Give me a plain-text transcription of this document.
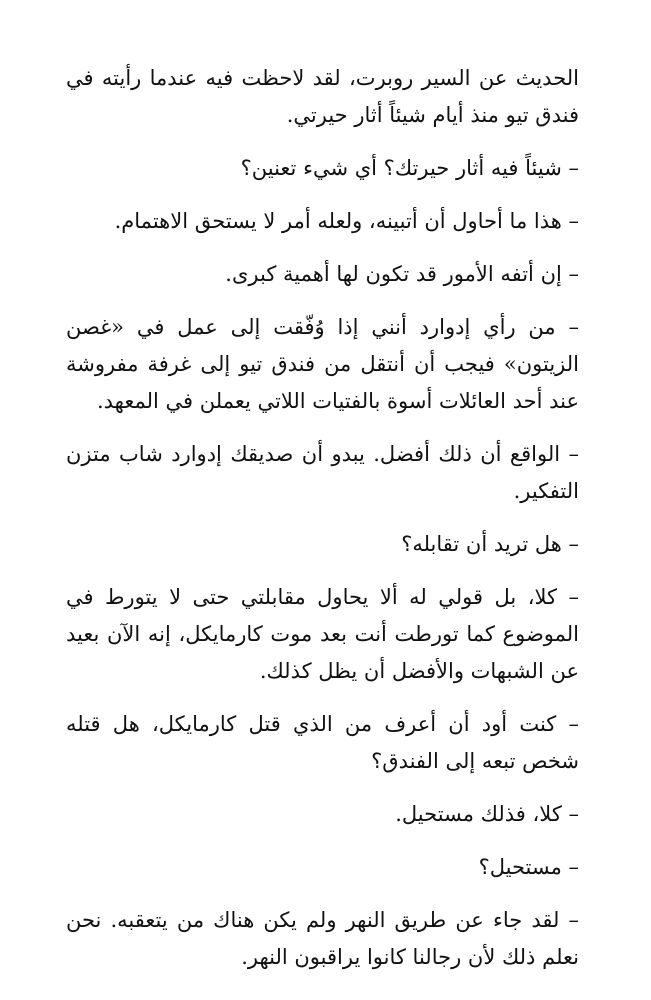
الحديث عن السير روبرت، لقد لاحظت فيه عندما رأيته في فندق تيو منذ أيام شيئاً أثار حيرتي.

– شيئاً فيه أثار حيرتك؟ أي شيء تعنين؟

– هذا ما أحاول أن أتبينه، ولعله أمر لا يستحق الاهتمام.

– إن أتفه الأمور قد تكون لها أهمية كبرى.

– من رأي إدوارد أنني إذا وُفّقت إلى عمل في «غصن الزيتون» فيجب أن أنتقل من فندق تيو إلى غرفة مفروشة عند أحد العائلات أسوة بالفتيات اللاتي يعملن في المعهد.

– الواقع أن ذلك أفضل. يبدو أن صديقك إدوارد شاب متزن التفكير.

– هل تريد أن تقابله؟

– كلا، بل قولي له ألا يحاول مقابلتي حتى لا يتورط في الموضوع كما تورطت أنت بعد موت كارمايكل، إنه الآن بعيد عن الشبهات والأفضل أن يظل كذلك.

– كنت أود أن أعرف من الذي قتل كارمايكل، هل قتله شخص تبعه إلى الفندق؟

– كلا، فذلك مستحيل.

– مستحيل؟

– لقد جاء عن طريق النهر ولم يكن هناك من يتعقبه. نحن نعلم ذلك لأن رجالنا كانوا يراقبون النهر.
